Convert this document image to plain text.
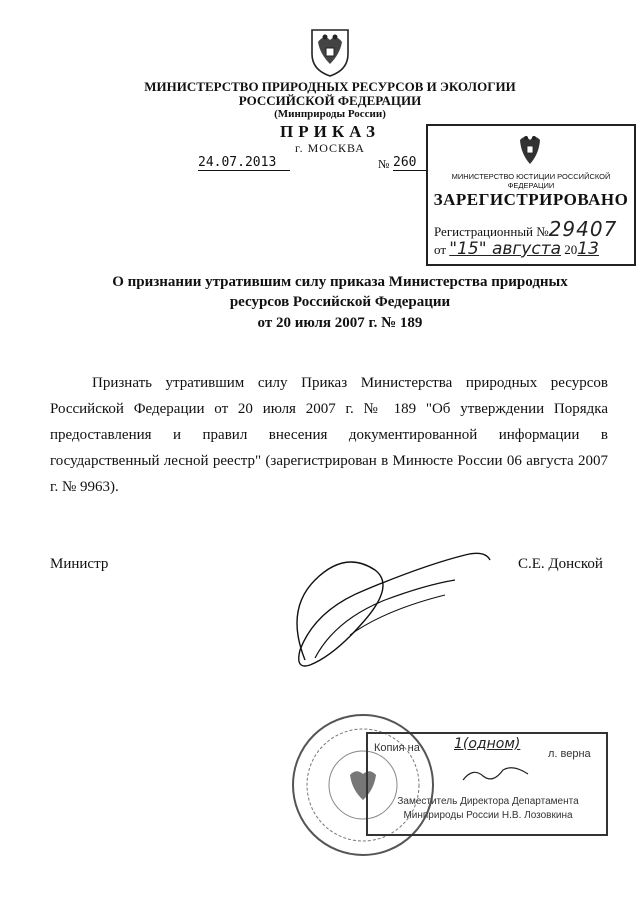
МИНИСТЕРСТВО ПРИРОДНЫХ РЕСУРСОВ И ЭКОЛОГИИ
РОССИЙСКОЙ ФЕДЕРАЦИИ
(Минприроды России)
ПРИКАЗ
г. МОСКВА
24.07.2013	№ 260
МИНИСТЕРСТВО ЮСТИЦИИ РОССИЙСКОЙ ФЕДЕРАЦИИ
ЗАРЕГИСТРИРОВАНО
Регистрационный №29407
от "15" августа 2013
О признании утратившим силу приказа Министерства природных
ресурсов Российской Федерации
от 20 июля 2007 г. № 189

Признать утратившим силу Приказ Министерства природных ресурсов Российской Федерации от 20 июля 2007 г. № 189 "Об утверждении Порядка предоставления и правил внесения документированной информации в государственный лесной реестр" (зарегистрирован в Минюсте России 06 августа 2007 г. № 9963).

Министр	С.Е. Донской
Копия на 1(одном)
л. верна
Заместитель Директора Департамента
Минприроды России Н.В. Лозовкина
